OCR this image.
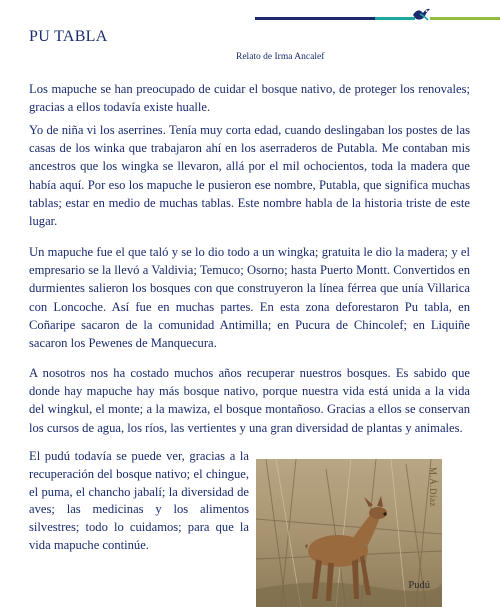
PU TABLA
Relato de Irma Ancalef

Los mapuche se han preocupado de cuidar el bosque nativo, de proteger los renovales; gracias a ellos todavía existe hualle.

Yo de niña vi los aserrines. Tenía muy corta edad, cuando deslingaban los postes de las casas de los winka que trabajaron ahí en los aserraderos de Putabla. Me contaban mis ancestros que los wingka se llevaron, allá por el mil ochocientos, toda la madera que había aquí. Por eso los mapuche le pusieron ese nombre, Putabla, que significa muchas tablas; estar en medio de muchas tablas. Este nombre habla de la historia triste de este lugar.

Un mapuche fue el que taló y se lo dio todo a un wingka; gratuita le dio la madera; y el empresario se la llevó a Valdivia; Temuco; Osorno; hasta Puerto Montt. Convertidos en durmientes salieron los bosques con que construyeron la línea férrea que unía Villarica con Loncoche. Así fue en muchas partes. En esta zona deforestaron Pu tabla, en Coñaripe sacaron de la comunidad Antimilla; en Pucura de Chincolef; en Liquiñe sacaron los Pewenes de Manquecura.

A nosotros nos ha costado muchos años recuperar nuestros bosques. Es sabido que donde hay mapuche hay más bosque nativo, porque nuestra vida está unida a la vida del wingkul, el monte; a la mawiza, el bosque montañoso. Gracias a ellos se conservan los cursos de agua, los ríos, las vertientes y una gran diversidad de plantas y animales.

El pudú todavía se puede ver, gracias a la recuperación del bosque nativo; el chingue, el puma, el chancho jabalí; la diversidad de aves; las medicinas y los alimentos silvestres; todo lo cuidamos; para que la vida mapuche continúe.

M.Á.Díaz
Pudú
